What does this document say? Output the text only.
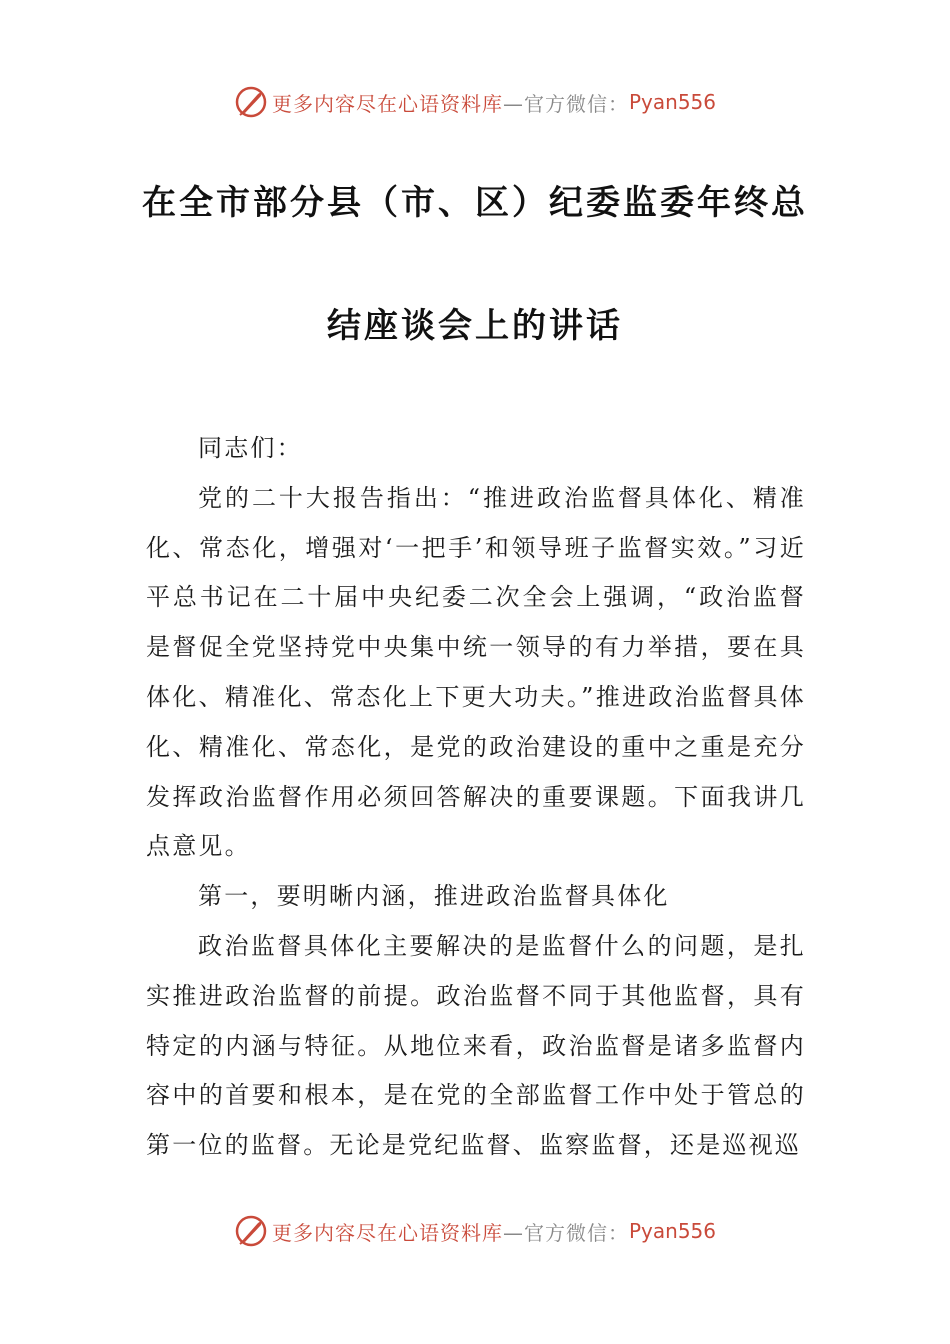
更多内容尽在心语资料库 —官方微信： Pyan556
在全市部分县（市、区）纪委监委年终总
结座谈会上的讲话

同志们：

党的二十大报告指出：“推进政治监督具体化、精准化、常态化，增强对‘一把手’和领导班子监督实效。”习近平总书记在二十届中央纪委二次全会上强调，“政治监督是督促全党坚持党中央集中统一领导的有力举措，要在具体化、精准化、常态化上下更大功夫。”推进政治监督具体化、精准化、常态化，是党的政治建设的重中之重是充分发挥政治监督作用必须回答解决的重要课题。下面我讲几点意见。

第一，要明晰内涵，推进政治监督具体化

政治监督具体化主要解决的是监督什么的问题，是扎实推进政治监督的前提。政治监督不同于其他监督，具有特定的内涵与特征。从地位来看，政治监督是诸多监督内容中的首要和根本，是在党的全部监督工作中处于管总的第一位的监督。无论是党纪监督、监察监督，还是巡视巡

更多内容尽在心语资料库 —官方微信： Pyan556
